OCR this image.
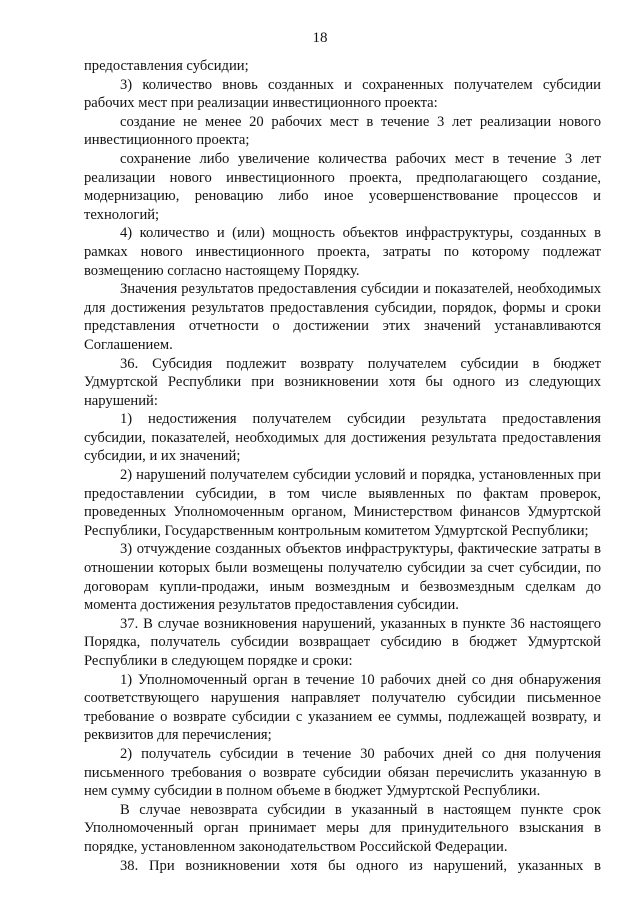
18

предоставления субсидии;

3) количество вновь созданных и сохраненных получателем субсидии рабочих мест при реализации инвестиционного проекта:

создание не менее 20 рабочих мест в течение 3 лет реализации нового инвестиционного проекта;

сохранение либо увеличение количества рабочих мест в течение 3 лет реализации нового инвестиционного проекта, предполагающего создание, модернизацию, реновацию либо иное усовершенствование процессов и технологий;

4) количество и (или) мощность объектов инфраструктуры, созданных в рамках нового инвестиционного проекта, затраты по которому подлежат возмещению согласно настоящему Порядку.

Значения результатов предоставления субсидии и показателей, необходимых для достижения результатов предоставления субсидии, порядок, формы и сроки представления отчетности о достижении этих значений устанавливаются Соглашением.

36. Субсидия подлежит возврату получателем субсидии в бюджет Удмуртской Республики при возникновении хотя бы одного из следующих нарушений:

1) недостижения получателем субсидии результата предоставления субсидии, показателей, необходимых для достижения результата предоставления субсидии, и их значений;

2) нарушений получателем субсидии условий и порядка, установленных при предоставлении субсидии, в том числе выявленных по фактам проверок, проведенных Уполномоченным органом, Министерством финансов Удмуртской Республики, Государственным контрольным комитетом Удмуртской Республики;

3) отчуждение созданных объектов инфраструктуры, фактические затраты в отношении которых были возмещены получателю субсидии за счет субсидии, по договорам купли-продажи, иным возмездным и безвозмездным сделкам до момента достижения результатов предоставления субсидии.

37. В случае возникновения нарушений, указанных в пункте 36 настоящего Порядка, получатель субсидии возвращает субсидию в бюджет Удмуртской Республики в следующем порядке и сроки:

1) Уполномоченный орган в течение 10 рабочих дней со дня обнаружения соответствующего нарушения направляет получателю субсидии письменное требование о возврате субсидии с указанием ее суммы, подлежащей возврату, и реквизитов для перечисления;

2) получатель субсидии в течение 30 рабочих дней со дня получения письменного требования о возврате субсидии обязан перечислить указанную в нем сумму субсидии в полном объеме в бюджет Удмуртской Республики.

В случае невозврата субсидии в указанный в настоящем пункте срок Уполномоченный орган принимает меры для принудительного взыскания в порядке, установленном законодательством Российской Федерации.

38. При возникновении хотя бы одного из нарушений, указанных в
